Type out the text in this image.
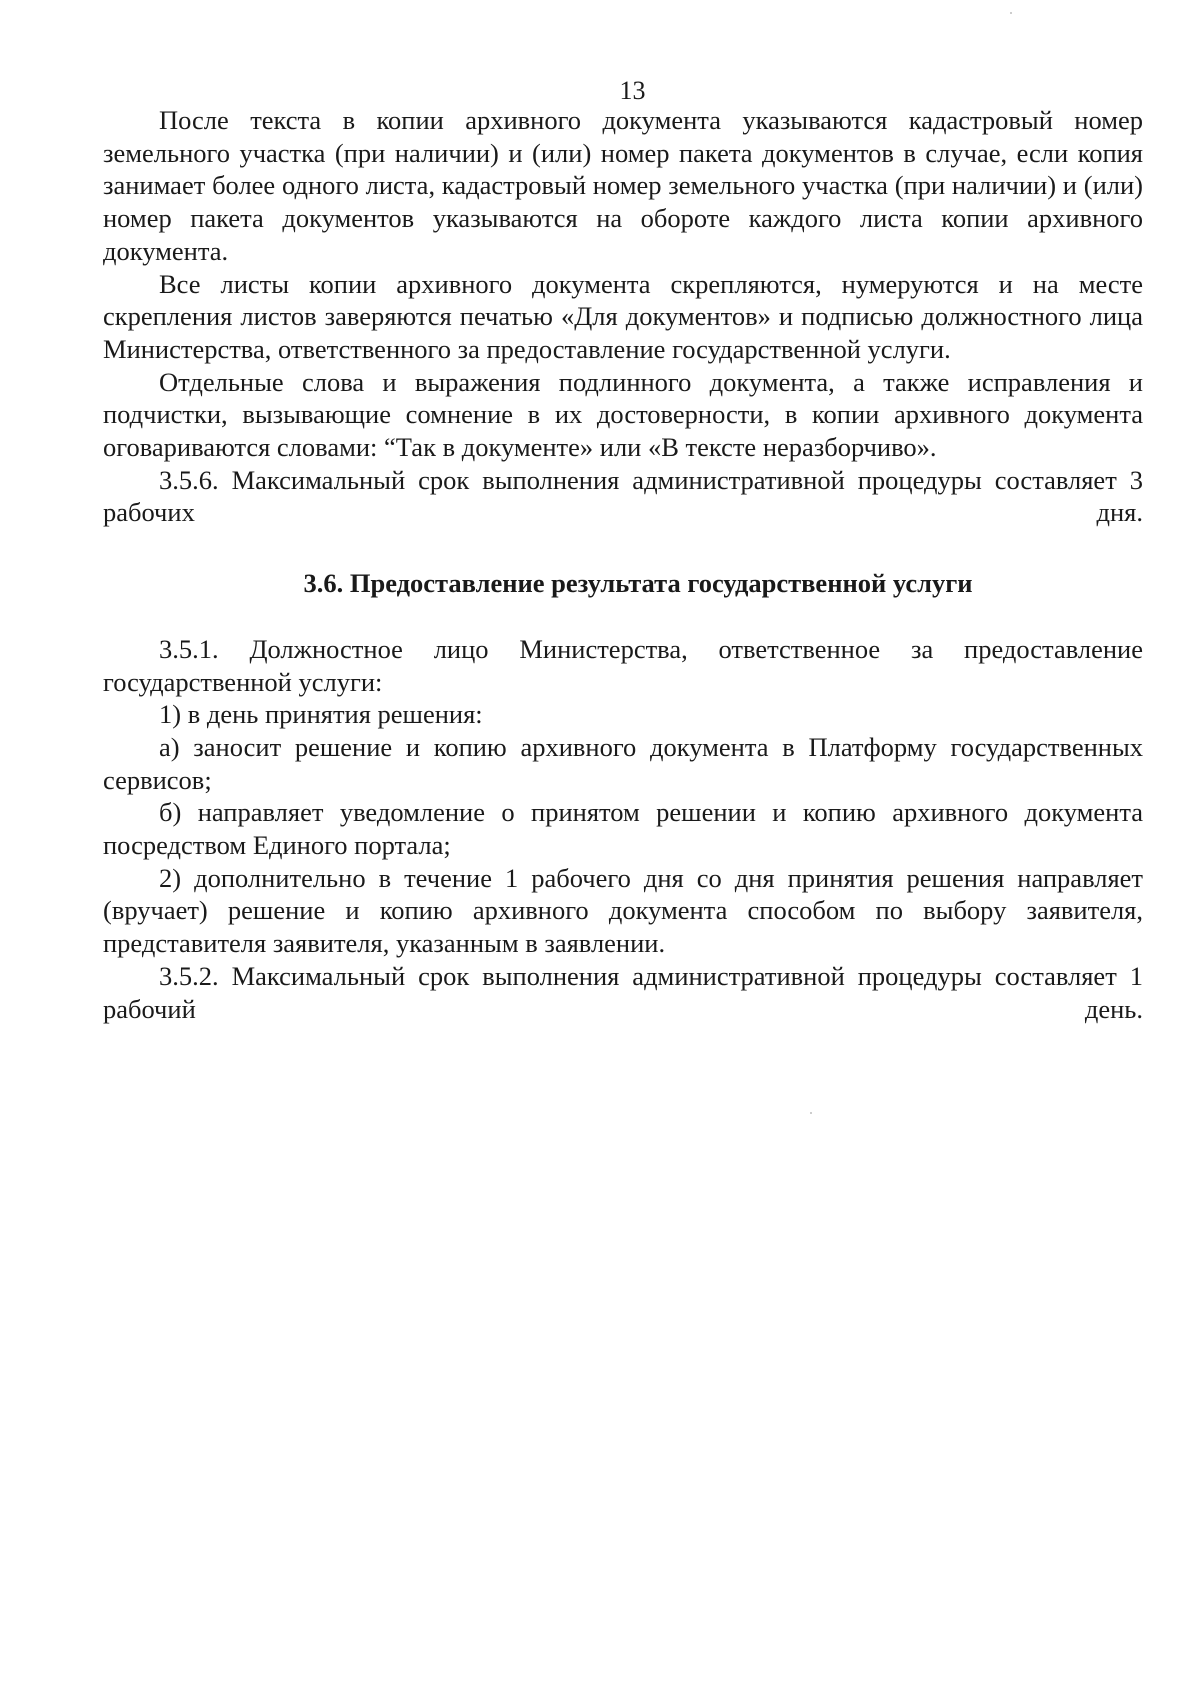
13

После текста в копии архивного документа указываются кадастровый номер земельного участка (при наличии) и (или) номер пакета документов в случае, если копия занимает более одного листа, кадастровый номер земельного участка (при наличии) и (или) номер пакета документов указываются на обороте каждого листа копии архивного документа.

Все листы копии архивного документа скрепляются, нумеруются и на месте скрепления листов заверяются печатью «Для документов» и подписью должностного лица Министерства, ответственного за предоставление государственной услуги.

Отдельные слова и выражения подлинного документа, а также исправления и подчистки, вызывающие сомнение в их достоверности, в копии архивного документа оговариваются словами: “Так в документе» или «В тексте неразборчиво».

3.5.6. Максимальный срок выполнения административной процедуры составляет 3 рабочих дня.

3.6. Предоставление результата государственной услуги

3.5.1. Должностное лицо Министерства, ответственное за предоставление государственной услуги:

1) в день принятия решения:

а) заносит решение и копию архивного документа в Платформу государственных сервисов;

б) направляет уведомление о принятом решении и копию архивного документа посредством Единого портала;

2) дополнительно в течение 1 рабочего дня со дня принятия решения направляет (вручает) решение и копию архивного документа способом по выбору заявителя, представителя заявителя, указанным в заявлении.

3.5.2. Максимальный срок выполнения административной процедуры составляет 1 рабочий день.
